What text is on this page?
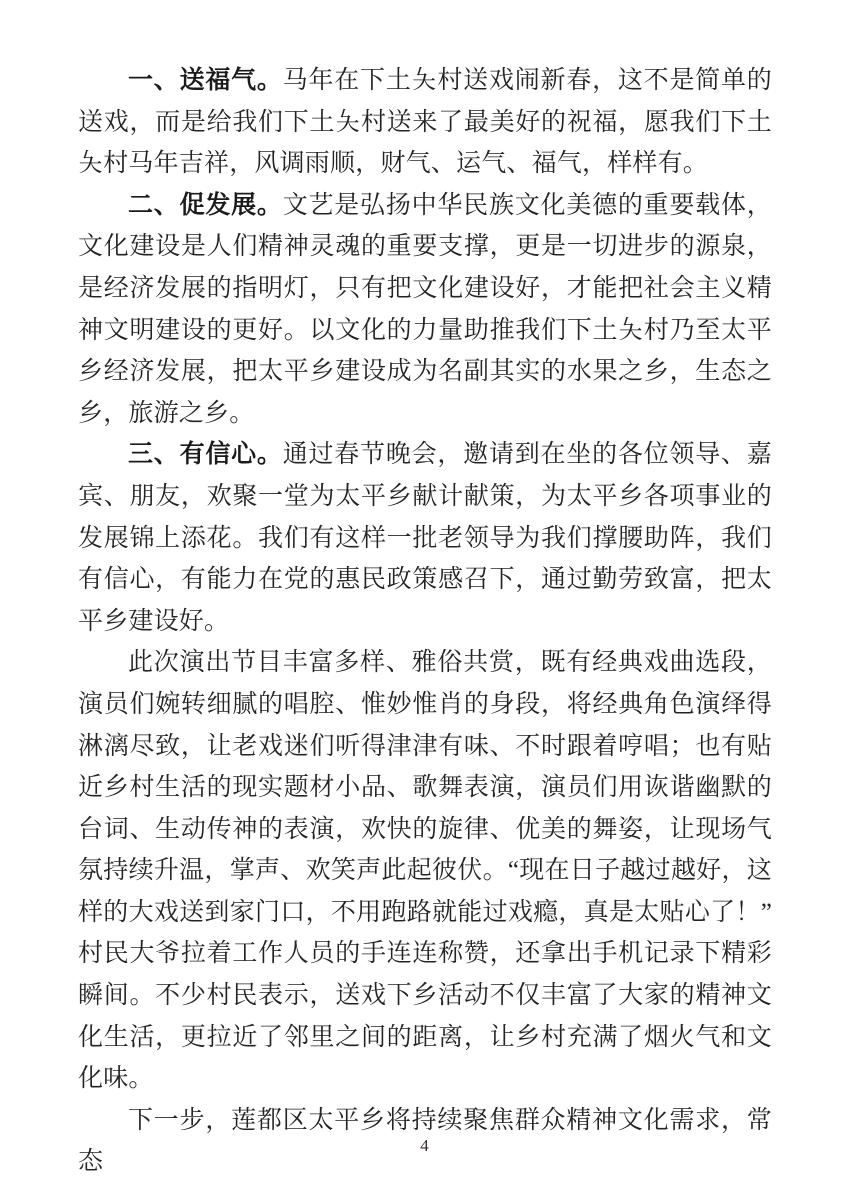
一、送福气。马年在下土夨村送戏闹新春，这不是简单的送戏，而是给我们下土夨村送来了最美好的祝福，愿我们下土夨村马年吉祥，风调雨顺，财气、运气、福气，样样有。

二、促发展。文艺是弘扬中华民族文化美德的重要载体，文化建设是人们精神灵魂的重要支撑，更是一切进步的源泉，是经济发展的指明灯，只有把文化建设好，才能把社会主义精神文明建设的更好。以文化的力量助推我们下土夨村乃至太平乡经济发展，把太平乡建设成为名副其实的水果之乡，生态之乡，旅游之乡。

三、有信心。通过春节晚会，邀请到在坐的各位领导、嘉宾、朋友，欢聚一堂为太平乡献计献策，为太平乡各项事业的发展锦上添花。我们有这样一批老领导为我们撑腰助阵，我们有信心，有能力在党的惠民政策感召下，通过勤劳致富，把太平乡建设好。

此次演出节目丰富多样、雅俗共赏，既有经典戏曲选段，演员们婉转细腻的唱腔、惟妙惟肖的身段，将经典角色演绎得淋漓尽致，让老戏迷们听得津津有味、不时跟着哼唱；也有贴近乡村生活的现实题材小品、歌舞表演，演员们用诙谐幽默的台词、生动传神的表演，欢快的旋律、优美的舞姿，让现场气氛持续升温，掌声、欢笑声此起彼伏。“现在日子越过越好，这样的大戏送到家门口，不用跑路就能过戏瘾，真是太贴心了！”村民大爷拉着工作人员的手连连称赞，还拿出手机记录下精彩瞬间。不少村民表示，送戏下乡活动不仅丰富了大家的精神文化生活，更拉近了邻里之间的距离，让乡村充满了烟火气和文化味。

下一步，莲都区太平乡将持续聚焦群众精神文化需求，常态

4
